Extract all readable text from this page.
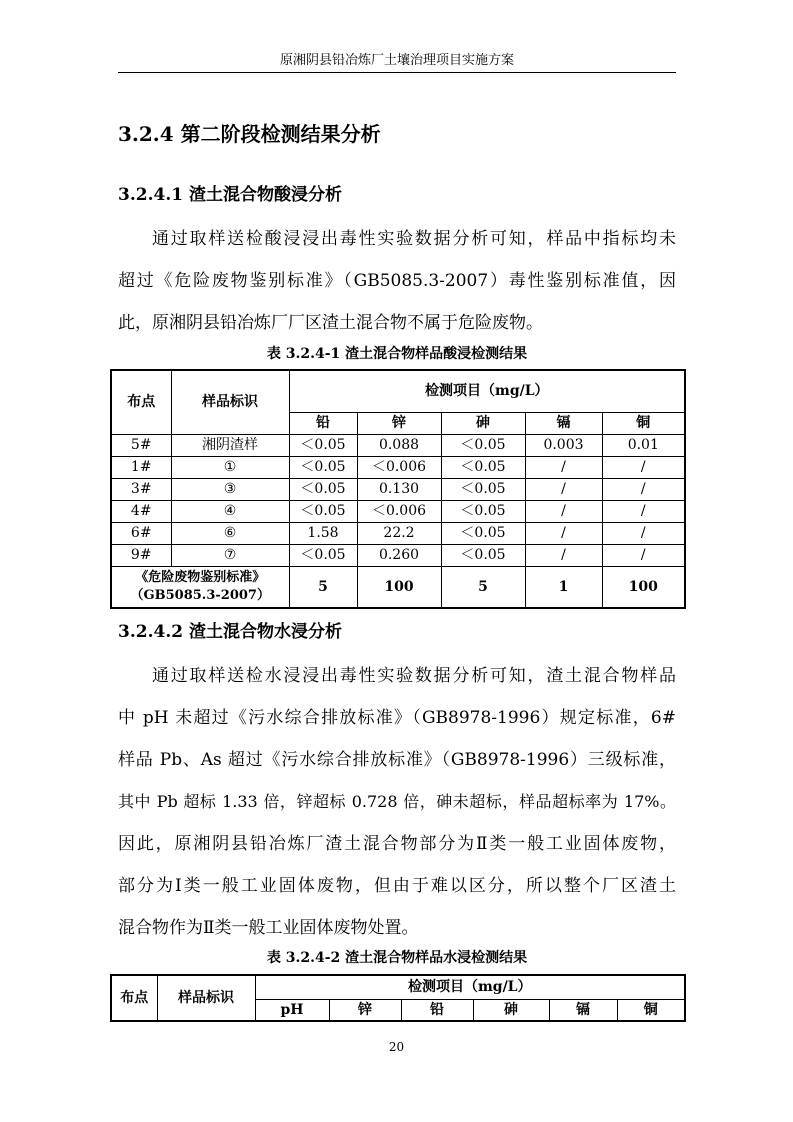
原湘阴县铅冶炼厂土壤治理项目实施方案
3.2.4 第二阶段检测结果分析
3.2.4.1 渣土混合物酸浸分析
通过取样送检酸浸浸出毒性实验数据分析可知，样品中指标均未
超过《危险废物鉴别标准》（GB5085.3-2007）毒性鉴别标准值，因
此，原湘阴县铅冶炼厂厂区渣土混合物不属于危险废物。
表 3.2.4-1 渣土混合物样品酸浸检测结果
布点	样品标识	检测项目（mg/L）				
		铅	锌	砷	镉	铜
5#	湘阴渣样	＜0.05	0.088	＜0.05	0.003	0.01
1#	①	＜0.05	＜0.006	＜0.05	/	/
3#	③	＜0.05	0.130	＜0.05	/	/
4#	④	＜0.05	＜0.006	＜0.05	/	/
6#	⑥	1.58	22.2	＜0.05	/	/
9#	⑦	＜0.05	0.260	＜0.05	/	/

《危险废物鉴别标准》
（GB5085.3-2007）		5	100	5	1	100
3.2.4.2 渣土混合物水浸分析
通过取样送检水浸浸出毒性实验数据分析可知，渣土混合物样品
中 pH 未超过《污水综合排放标准》（GB8978-1996）规定标准，6#
样品 Pb、As 超过《污水综合排放标准》（GB8978-1996）三级标准，
其中 Pb 超标 1.33 倍，锌超标 0.728 倍，砷未超标，样品超标率为 17%。
因此，原湘阴县铅冶炼厂渣土混合物部分为Ⅱ类一般工业固体废物，
部分为Ⅰ类一般工业固体废物，但由于难以区分，所以整个厂区渣土
混合物作为Ⅱ类一般工业固体废物处置。
表 3.2.4-2 渣土混合物样品水浸检测结果
布点	样品标识	检测项目（mg/L）					
		pH	锌	铅	砷	镉	铜
20
